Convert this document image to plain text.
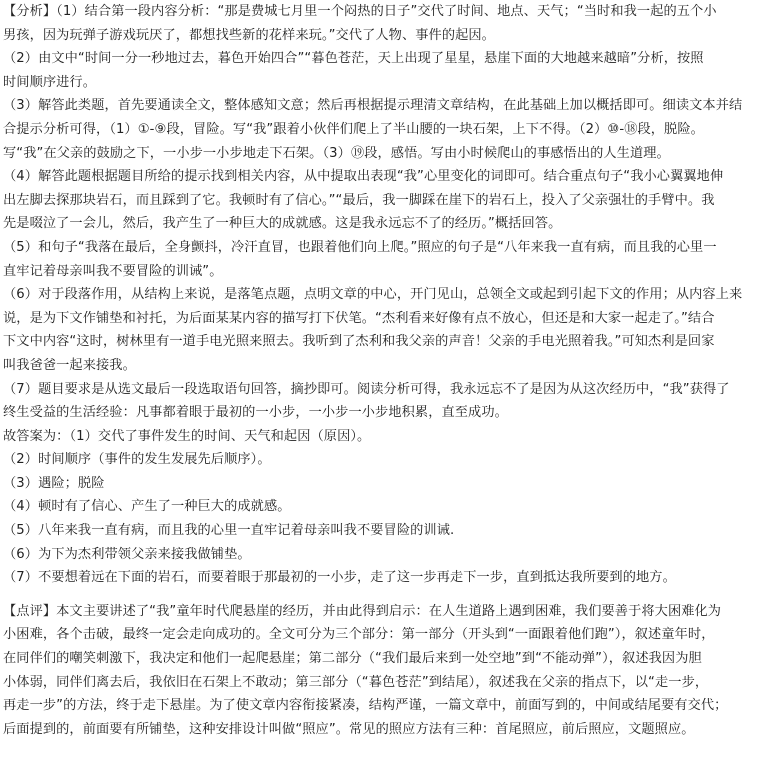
【分析】（1）结合第一段内容分析：“那是费城七月里一个闷热的日子”交代了时间、地点、天气；“当时和我一起的五个小
男孩，因为玩弹子游戏玩厌了，都想找些新的花样来玩。”交代了人物、事件的起因。
（2）由文中“时间一分一秒地过去，暮色开始四合”“暮色苍茫，天上出现了星星，悬崖下面的大地越来越暗”分析，按照
时间顺序进行。
（3）解答此类题，首先要通读全文，整体感知文意；然后再根据提示理清文章结构，在此基础上加以概括即可。细读文本并结
合提示分析可得，（1）①-⑨段，冒险。写“我”跟着小伙伴们爬上了半山腰的一块石架，上下不得。（2）⑩-⑱段，脱险。
写“我”在父亲的鼓励之下，一小步一小步地走下石架。（3）⑲段，感悟。写由小时候爬山的事感悟出的人生道理。
（4）解答此题根据题目所给的提示找到相关内容，从中提取出表现“我”心里变化的词即可。结合重点句子“我小心翼翼地伸
出左脚去探那块岩石，而且踩到了它。我顿时有了信心。”“最后，我一脚踩在崖下的岩石上，投入了父亲强壮的手臂中。我
先是啜泣了一会儿，然后，我产生了一种巨大的成就感。这是我永远忘不了的经历。”概括回答。
（5）和句子“我落在最后，全身颤抖，冷汗直冒，也跟着他们向上爬。”照应的句子是“八年来我一直有病，而且我的心里一
直牢记着母亲叫我不要冒险的训诫”。
（6）对于段落作用，从结构上来说，是落笔点题，点明文章的中心，开门见山，总领全文或起到引起下文的作用；从内容上来
说，是为下文作铺垫和衬托，为后面某某内容的描写打下伏笔。“杰利看来好像有点不放心，但还是和大家一起走了。”结合
下文中内容“这时，树林里有一道手电光照来照去。我听到了杰利和我父亲的声音！父亲的手电光照着我。”可知杰利是回家
叫我爸爸一起来接我。
（7）题目要求是从选文最后一段选取语句回答，摘抄即可。阅读分析可得，我永远忘不了是因为从这次经历中，“我”获得了
终生受益的生活经验：凡事都着眼于最初的一小步，一小步一小步地积累，直至成功。
故答案为：（1）交代了事件发生的时间、天气和起因（原因）。
（2）时间顺序（事件的发生发展先后顺序）。
（3）遇险；脱险
（4）顿时有了信心、产生了一种巨大的成就感。
（5）八年来我一直有病，而且我的心里一直牢记着母亲叫我不要冒险的训诫.
（6）为下为杰利带领父亲来接我做铺垫。
（7）不要想着远在下面的岩石，而要着眼于那最初的一小步，走了这一步再走下一步，直到抵达我所要到的地方。
【点评】本文主要讲述了“我”童年时代爬悬崖的经历，并由此得到启示：在人生道路上遇到困难，我们要善于将大困难化为
小困难，各个击破，最终一定会走向成功的。全文可分为三个部分：第一部分（开头到“一面跟着他们跑”），叙述童年时，
在同伴们的嘲笑刺激下，我决定和他们一起爬悬崖；第二部分（“我们最后来到一处空地”到“不能动弹”），叙述我因为胆
小体弱，同伴们离去后，我依旧在石架上不敢动；第三部分（“暮色苍茫”到结尾），叙述我在父亲的指点下，以“走一步，
再走一步”的方法，终于走下悬崖。为了使文章内容衔接紧凑，结构严谨，一篇文章中，前面写到的，中间或结尾要有交代；
后面提到的，前面要有所铺垫，这种安排设计叫做“照应”。常见的照应方法有三种：首尾照应，前后照应，文题照应。
